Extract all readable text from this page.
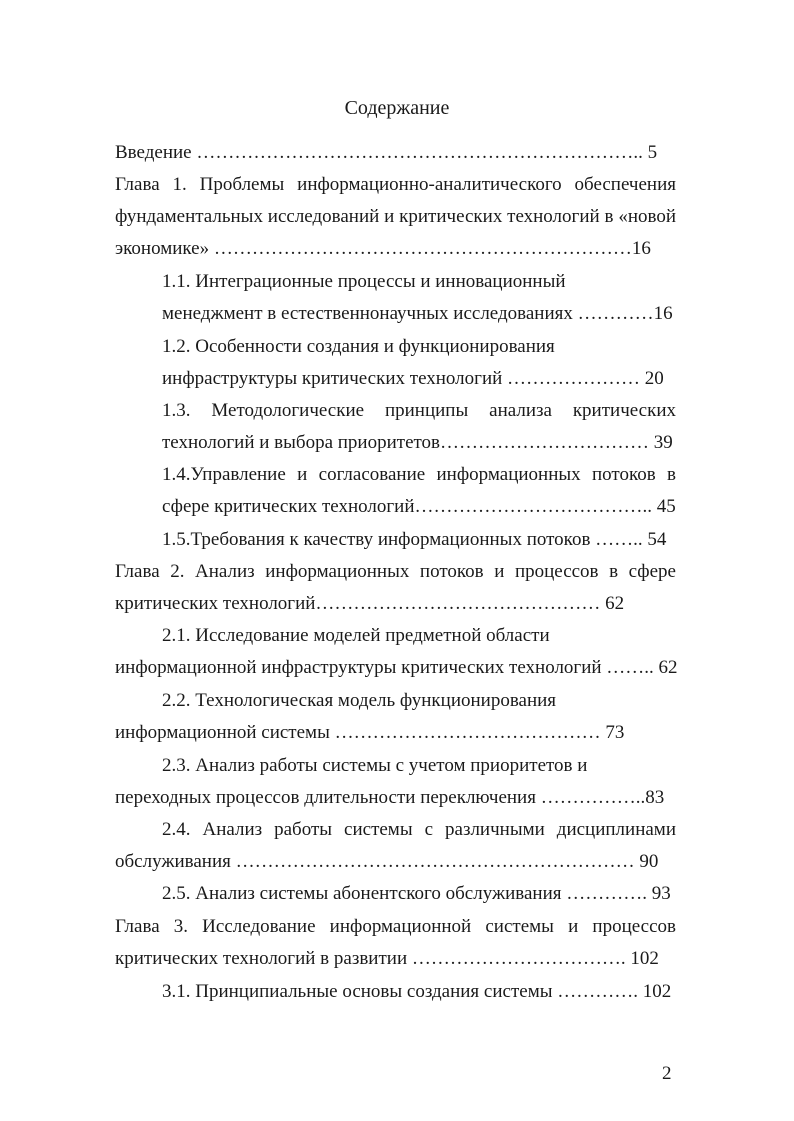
Содержание
Введение …………………………………………………………….. 5
Глава 1. Проблемы информационно-аналитического обеспечения
фундаментальных исследований и критических технологий в «новой
экономике» …………………………………………………………16
1.1. Интеграционные процессы и инновационный
менеджмент в естественнонаучных исследованиях …………16
1.2. Особенности создания и функционирования
инфраструктуры критических технологий ………………… 20
1.3. Методологические принципы анализа критических
технологий и выбора приоритетов…………………………… 39
1.4.Управление и согласование информационных потоков в
сфере критических технологий……………………………….. 45
1.5.Требования к качеству информационных потоков …….. 54
Глава 2. Анализ информационных потоков и процессов в сфере
критических технологий……………………………………… 62
2.1. Исследование моделей предметной области
информационной инфраструктуры критических технологий …….. 62
2.2. Технологическая модель функционирования
информационной системы …………………………………… 73
2.3. Анализ работы системы с учетом приоритетов и
переходных процессов длительности переключения ……………..83
2.4. Анализ работы системы с различными дисциплинами
обслуживания ……………………………………………………… 90
2.5. Анализ системы абонентского обслуживания …………. 93
Глава 3. Исследование информационной системы и процессов
критических технологий в развитии ……………………………. 102
3.1. Принципиальные основы создания системы …………. 102
2
